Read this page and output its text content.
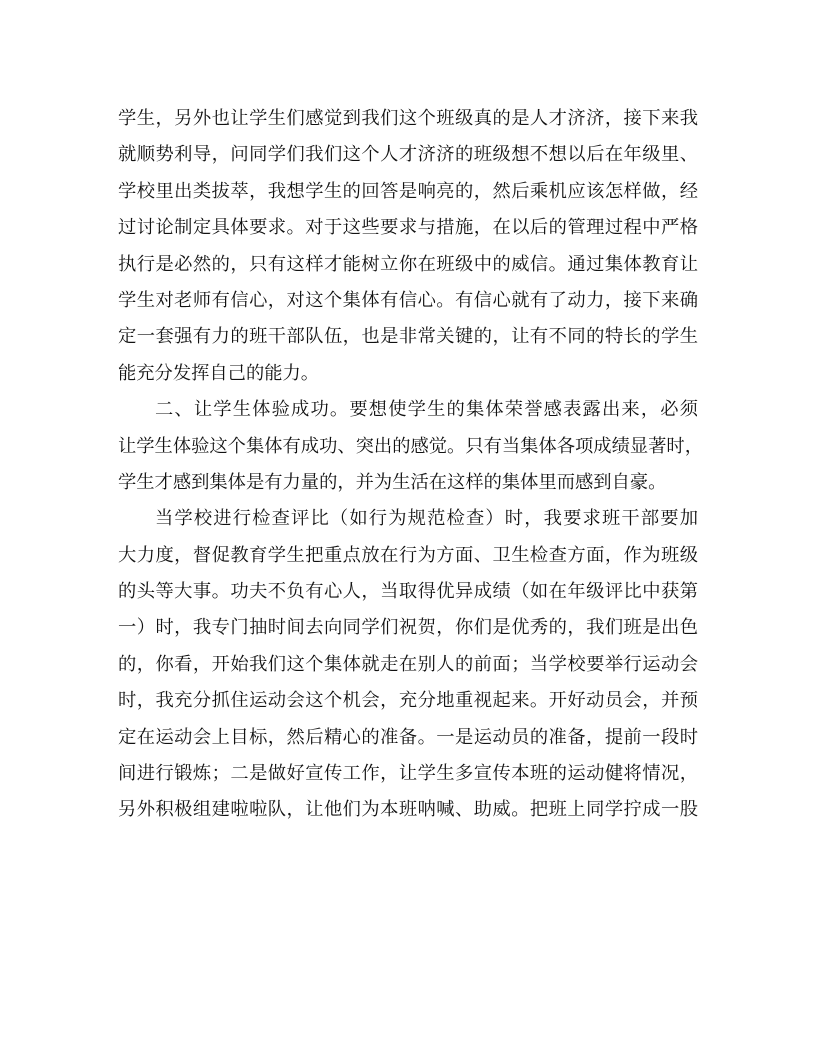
学生，另外也让学生们感觉到我们这个班级真的是人才济济，接下来我
就顺势利导，问同学们我们这个人才济济的班级想不想以后在年级里、
学校里出类拔萃，我想学生的回答是响亮的，然后乘机应该怎样做，经
过讨论制定具体要求。对于这些要求与措施，在以后的管理过程中严格
执行是必然的，只有这样才能树立你在班级中的威信。通过集体教育让
学生对老师有信心，对这个集体有信心。有信心就有了动力，接下来确
定一套强有力的班干部队伍，也是非常关键的，让有不同的特长的学生
能充分发挥自己的能力。
二、让学生体验成功。要想使学生的集体荣誉感表露出来，必须
让学生体验这个集体有成功、突出的感觉。只有当集体各项成绩显著时，
学生才感到集体是有力量的，并为生活在这样的集体里而感到自豪。
当学校进行检查评比（如行为规范检查）时，我要求班干部要加
大力度，督促教育学生把重点放在行为方面、卫生检查方面，作为班级
的头等大事。功夫不负有心人，当取得优异成绩（如在年级评比中获第
一）时，我专门抽时间去向同学们祝贺，你们是优秀的，我们班是出色
的，你看，开始我们这个集体就走在别人的前面；当学校要举行运动会
时，我充分抓住运动会这个机会，充分地重视起来。开好动员会，并预
定在运动会上目标，然后精心的准备。一是运动员的准备，提前一段时
间进行锻炼；二是做好宣传工作，让学生多宣传本班的运动健将情况，
另外积极组建啦啦队，让他们为本班呐喊、助威。把班上同学拧成一股
